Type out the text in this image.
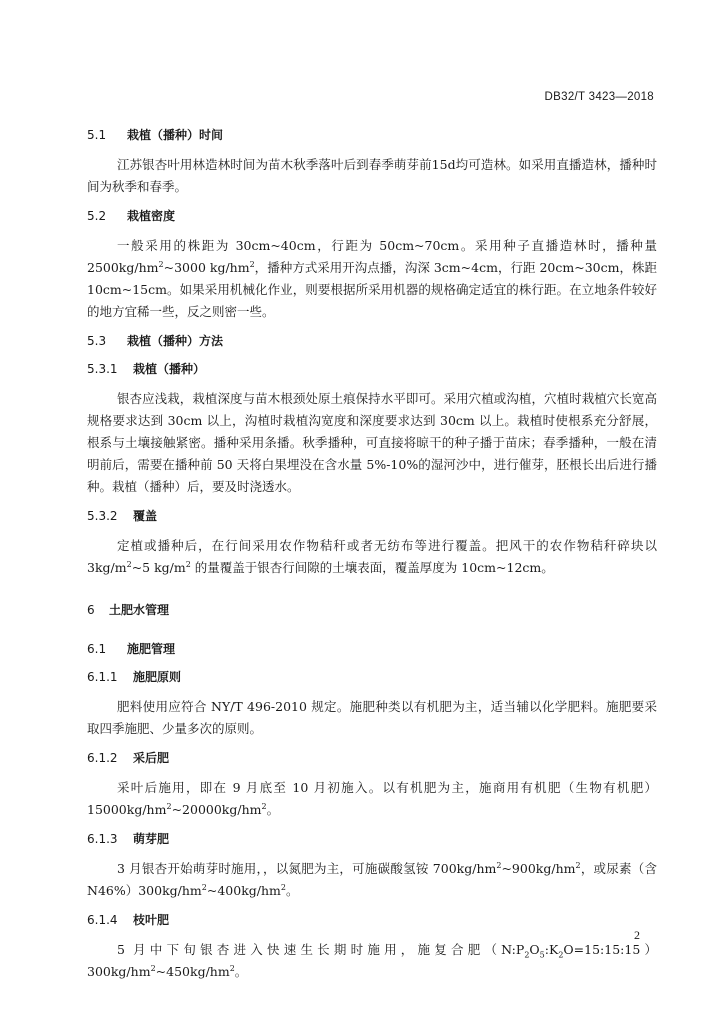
DB32/T 3423—2018
5.1 栽植（播种）时间

江苏银杏叶用林造林时间为苗木秋季落叶后到春季萌芽前15d均可造林。如采用直播造林，播种时间为秋季和春季。

5.2 栽植密度

一般采用的株距为 30cm~40cm，行距为 50cm~70cm。采用种子直播造林时，播种量$2500kg/hm^2\sim 3000$ $kg/hm^2$，播种方式采用开沟点播，沟深 3cm~4cm，行距 20cm~30cm，株距 10cm~15cm。如果采用机械化作业，则要根据所采用机器的规格确定适宜的株行距。在立地条件较好的地方宜稀一些，反之则密一些。

5.3 栽植（播种）方法
5.3.1 栽植（播种）

银杏应浅栽，栽植深度与苗木根颈处原土痕保持水平即可。采用穴植或沟植，穴植时栽植穴长宽高规格要求达到 30cm 以上，沟植时栽植沟宽度和深度要求达到 30cm 以上。栽植时使根系充分舒展，根系与土壤接触紧密。播种采用条播。秋季播种，可直接将晾干的种子播于苗床；春季播种，一般在清明前后，需要在播种前 50 天将白果埋没在含水量 5%-10%的湿河沙中，进行催芽，胚根长出后进行播种。栽植（播种）后，要及时浇透水。

5.3.2 覆盖

定植或播种后，在行间采用农作物秸秆或者无纺布等进行覆盖。把风干的农作物秸秆碎块以$3kg/m^2\sim 5$ $kg/m^2$ 的量覆盖于银杏行间隙的土壤表面，覆盖厚度为 10cm~12cm。

6 土肥水管理
6.1 施肥管理
6.1.1 施肥原则

肥料使用应符合 NY/T 496-2010 规定。施肥种类以有机肥为主，适当辅以化学肥料。施肥要采取四季施肥、少量多次的原则。

6.1.2 采后肥

采叶后施用，即在 9 月底至 10 月初施入。以有机肥为主，施商用有机肥（生物有机肥）$15000kg/hm^2\sim 20000kg/hm^2$。

6.1.3 萌芽肥

3 月银杏开始萌芽时施用，，以氮肥为主，可施碳酸氢铵 $700kg/hm^2\sim 900kg/hm^2$，或尿素（含 $N46\%)300kg/hm^2\sim 400kg/hm^2$。

6.1.4 枝叶肥

5 月中下旬银杏进入快速生长期时施用，施复合肥$(N:P_2O_5:K_2O=15:15:15)300kg/hm^2\sim 450kg/hm^2$。

2
